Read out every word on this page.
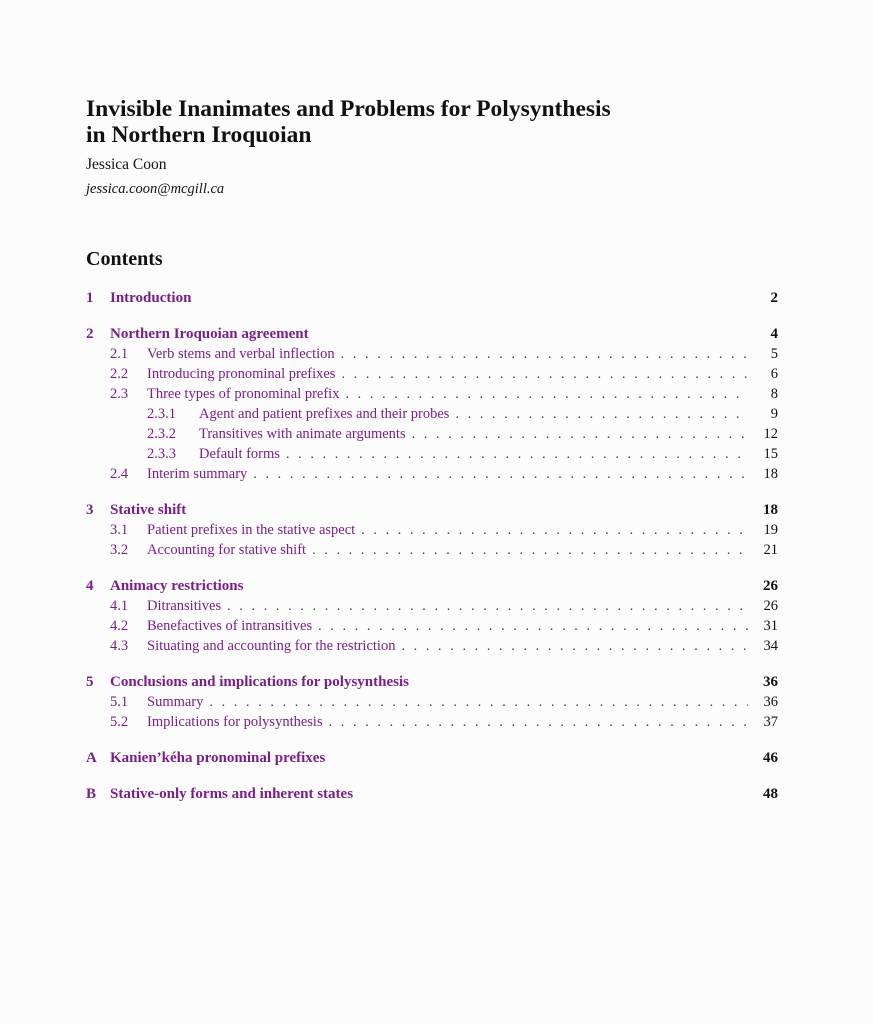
Invisible Inanimates and Problems for Polysynthesis
in Northern Iroquoian
Jessica Coon
jessica.coon@mcgill.ca
Contents
1	Introduction	2
2	Northern Iroquoian agreement	4
2.1	Verb stems and verbal inflection . . .	5
2.2	Introducing pronominal prefixes . . .	6
2.3	Three types of pronominal prefix . . .	8
2.3.1	Agent and patient prefixes and their probes . . .	9
2.3.2	Transitives with animate arguments . . .	12
2.3.3	Default forms . . .	15
2.4	Interim summary . . .	18
3	Stative shift	18
3.1	Patient prefixes in the stative aspect . . .	19
3.2	Accounting for stative shift . . .	21
4	Animacy restrictions	26
4.1	Ditransitives . . .	26
4.2	Benefactives of intransitives . . .	31
4.3	Situating and accounting for the restriction . . .	34
5	Conclusions and implications for polysynthesis	36
5.1	Summary . . .	36
5.2	Implications for polysynthesis . . .	37
A Kanien’kéha pronominal prefixes	46
B Stative-only forms and inherent states	48
